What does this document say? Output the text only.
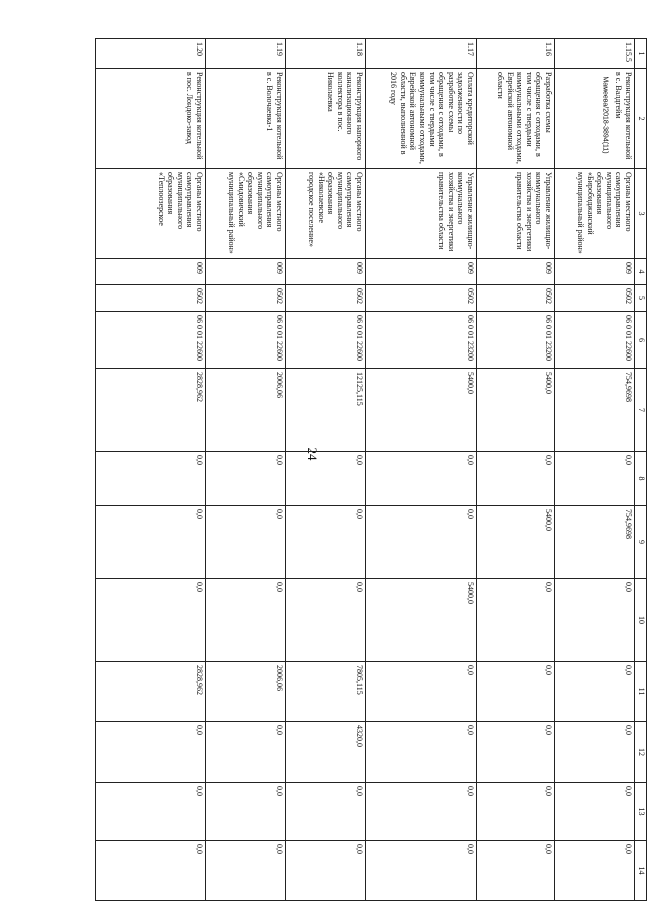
24
Мамеева/2018-3894(11)
1	2	3	4	5	6	7	8	9	10	11	12	13	14
1.15.5	Реконструкция котельной в с. Валдгейм	Органы местного самоуправления муниципального образования «Биробиджанский муниципальный район»	009	0502	06 0 01 22600	754,9698	0,0	754,9698	0,0	0,0	0,0	0,0	0,0
1.16	Разработка схемы обращения с отходами, в том числе с твердыми коммунальными отходами, Еврейской автономной области	Управление жилищно-коммунального хозяйства и энергетики правительства области	009	0502	06 0 01 23200	5400,0	0,0	5400,0	0,0	0,0	0,0	0,0	0,0
1.17	Оплата кредиторской задолженности по разработке схемы обращения с отходами, в том числе с твердыми коммунальными отходами, Еврейской автономной области, выполненной в 2016 году	Управление жилищно-коммунального хозяйства и энергетики правительства области	009	0502	06 0 01 23200	5400,0	0,0	0,0	5400,0	0,0	0,0	0,0	0,0
1.18	Реконструкция напорного канализационного коллектора в пос. Николаевка	Органы местного самоуправления муниципального образования «Николаевское городское поселение»	009	0502	06 0 01 22600	12125,115	0,0	0,0	0,0	7805,115	4320,0	0,0	0,0
1.19	Реконструкция котельной в с. Волочаевка-1	Органы местного самоуправления муниципального образования «Смидовичский муниципальный район»	009	0502	06 0 01 22600	2006,06	0,0	0,0	0,0	2006,06	0,0	0,0	0,0
1.20	Реконструкция котельной в пос. Лондоко-завод	Органы местного самоуправления муниципального образования «Теплоозерское	009	0502	06 0 01 22600	2828,962	0,0	0,0	0,0	2828,962	0,0	0,0	0,0
